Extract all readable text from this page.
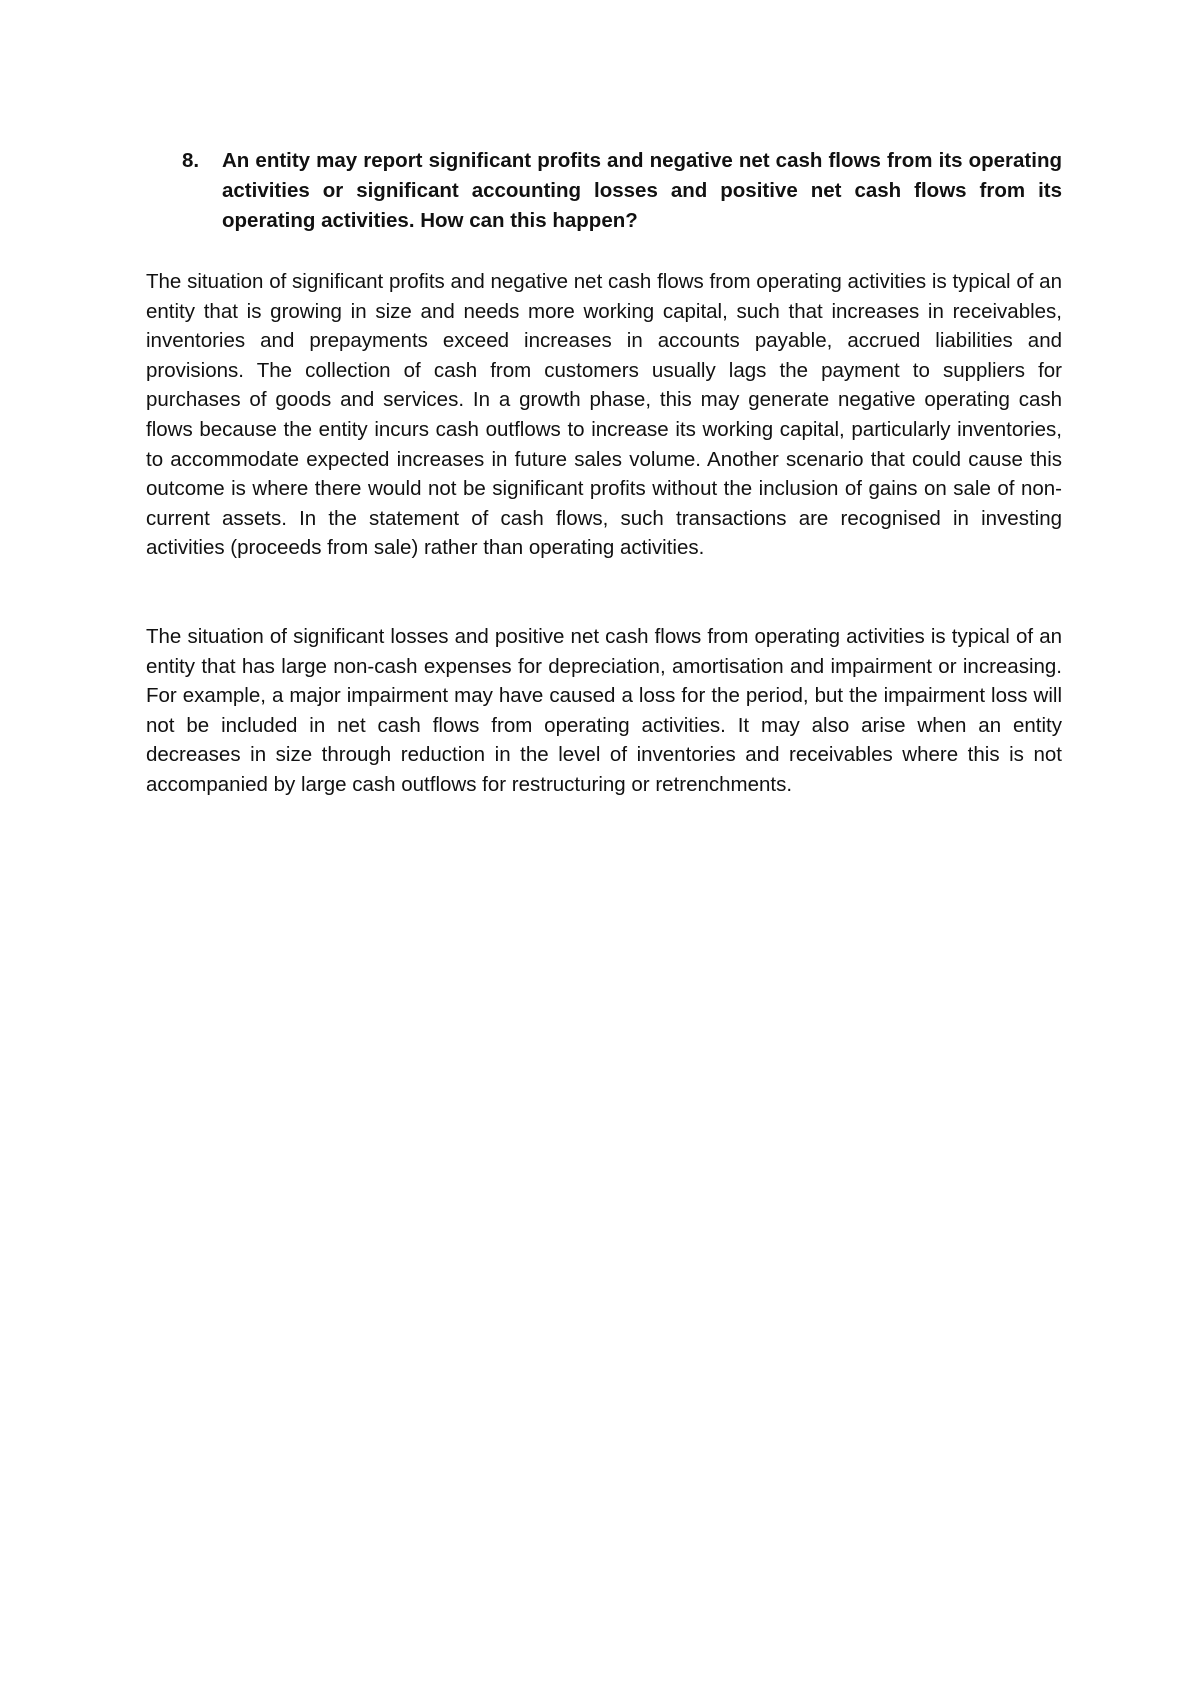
8.	An entity may report significant profits and negative net cash flows from its operating activities or significant accounting losses and positive net cash flows from its operating activities. How can this happen?

The situation of significant profits and negative net cash flows from operating activities is typical of an entity that is growing in size and needs more working capital, such that increases in receivables, inventories and prepayments exceed increases in accounts payable, accrued liabilities and provisions. The collection of cash from customers usually lags the payment to suppliers for purchases of goods and services. In a growth phase, this may generate negative operating cash flows because the entity incurs cash outflows to increase its working capital, particularly inventories, to accommodate expected increases in future sales volume. Another scenario that could cause this outcome is where there would not be significant profits without the inclusion of gains on sale of non-current assets. In the statement of cash flows, such transactions are recognised in investing activities (proceeds from sale) rather than operating activities.

The situation of significant losses and positive net cash flows from operating activities is typical of an entity that has large non-cash expenses for depreciation, amortisation and impairment or increasing. For example, a major impairment may have caused a loss for the period, but the impairment loss will not be included in net cash flows from operating activities. It may also arise when an entity decreases in size through reduction in the level of inventories and receivables where this is not accompanied by large cash outflows for restructuring or retrenchments.
